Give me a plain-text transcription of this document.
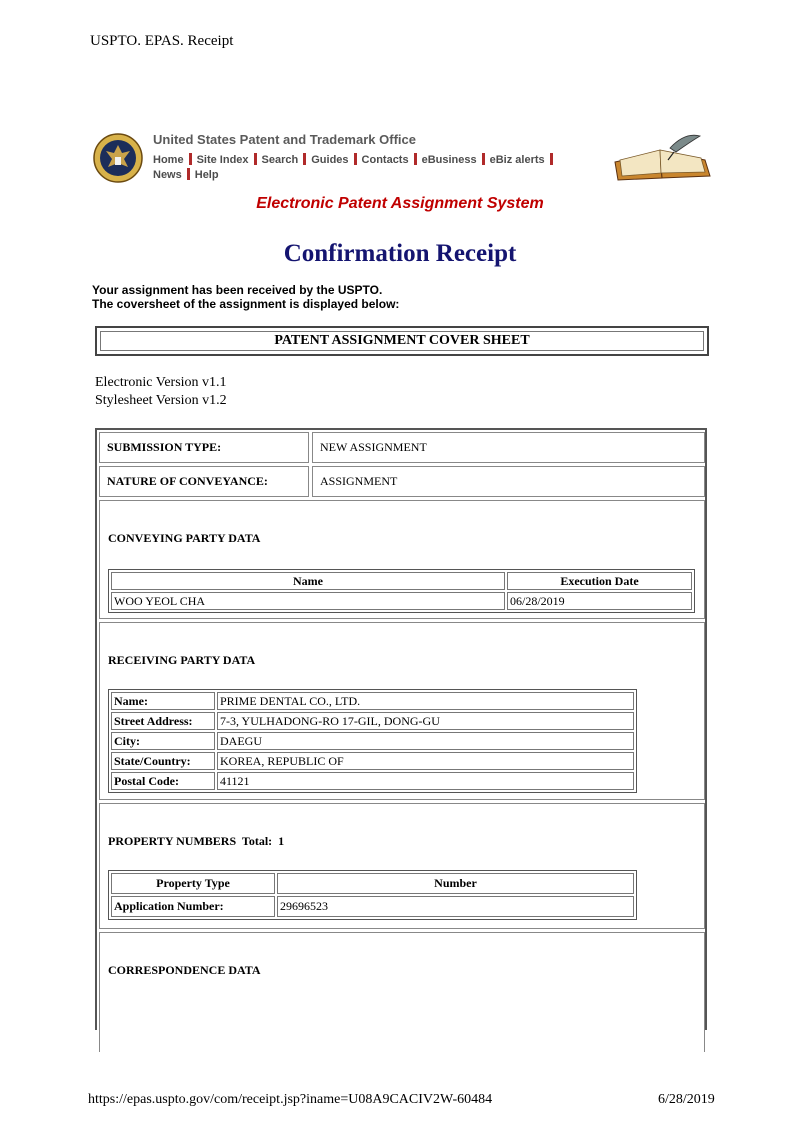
USPTO. EPAS. Receipt
United States Patent and Trademark Office
Home Site Index Search Guides Contacts eBusiness eBiz alerts
News Help
Electronic Patent Assignment System
Confirmation Receipt
Your assignment has been received by the USPTO.
The coversheet of the assignment is displayed below:
PATENT ASSIGNMENT COVER SHEET
Electronic Version v1.1
Stylesheet Version v1.2
SUBMISSION TYPE:	NEW ASSIGNMENT
NATURE OF CONVEYANCE:	ASSIGNMENT
CONVEYING PARTY DATA
Name	Execution Date
WOO YEOL CHA	06/28/2019
RECEIVING PARTY DATA
Name:	PRIME DENTAL CO., LTD.
Street Address:	7-3, YULHADONG-RO 17-GIL, DONG-GU
City:	DAEGU
State/Country:	KOREA, REPUBLIC OF
Postal Code:	41121
PROPERTY NUMBERS  Total:  1
Property Type	Number
Application Number:	29696523
CORRESPONDENCE DATA
https://epas.uspto.gov/com/receipt.jsp?iname=U08A9CACIV2W-60484	6/28/2019
